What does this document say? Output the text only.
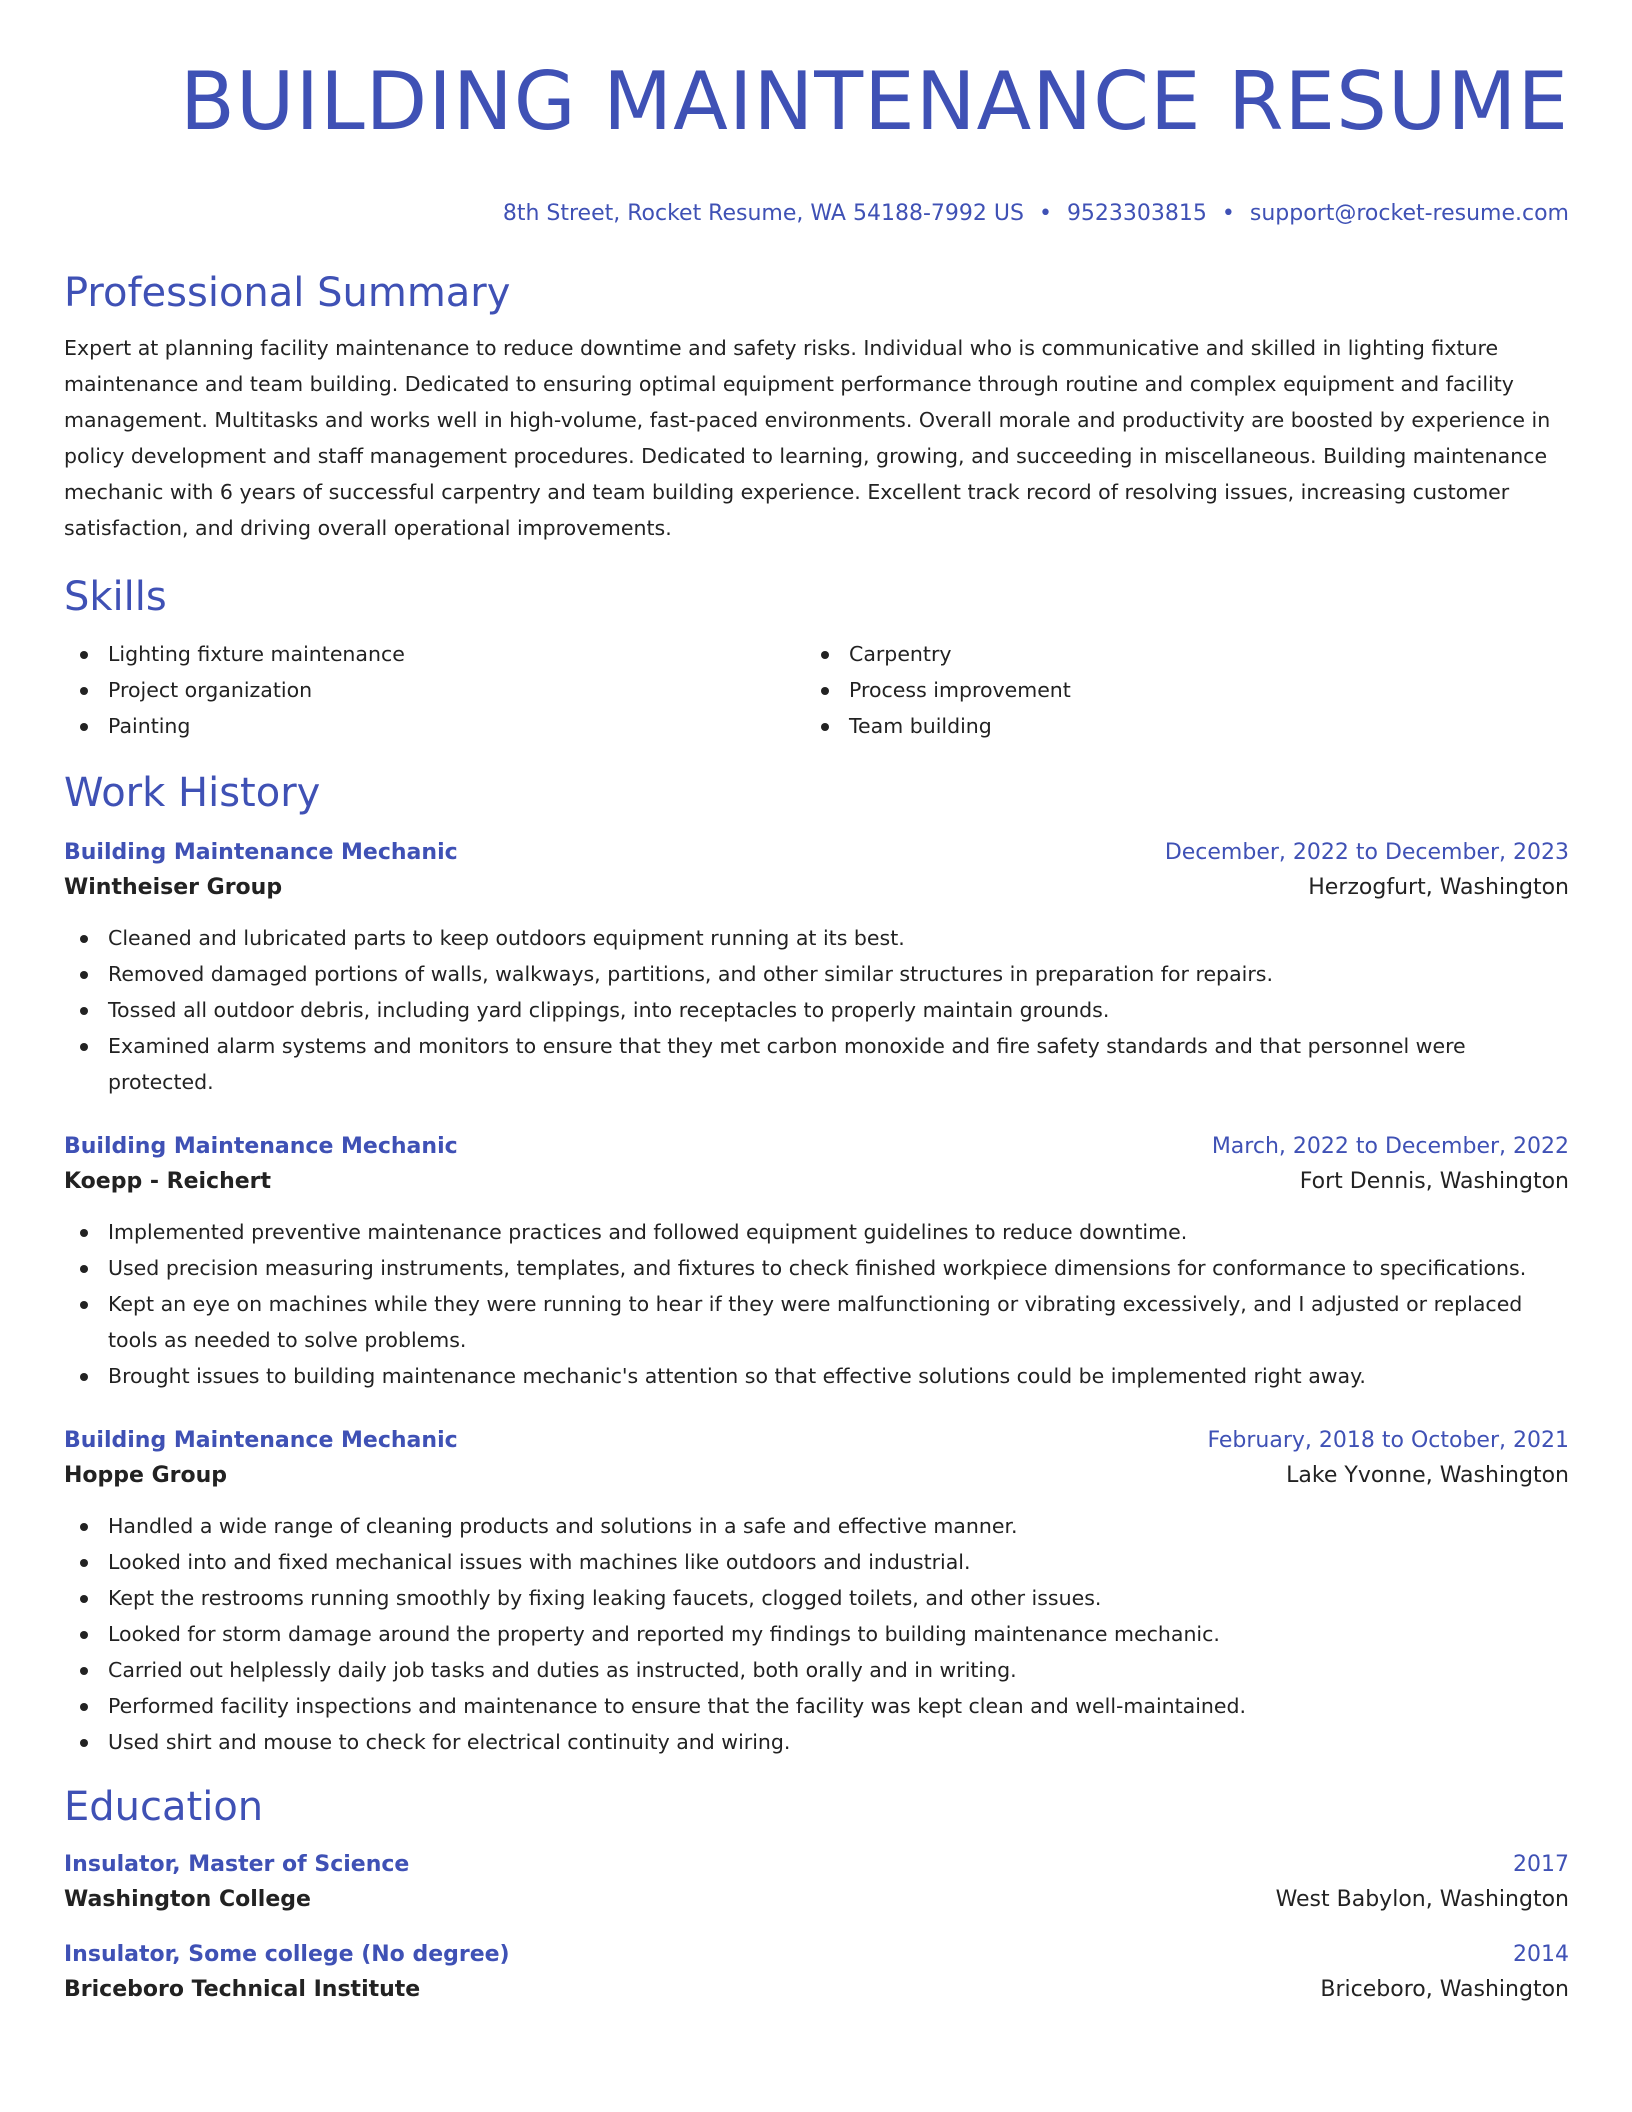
BUILDING MAINTENANCE RESUME
8th Street, Rocket Resume, WA 54188-7992 US • 9523303815 • support@rocket-resume.com
Professional Summary

Expert at planning facility maintenance to reduce downtime and safety risks. Individual who is communicative and skilled in lighting fixture maintenance and team building. Dedicated to ensuring optimal equipment performance through routine and complex equipment and facility management. Multitasks and works well in high-volume, fast-paced environments. Overall morale and productivity are boosted by experience in policy development and staff management procedures. Dedicated to learning, growing, and succeeding in miscellaneous. Building maintenance mechanic with 6 years of successful carpentry and team building experience. Excellent track record of resolving issues, increasing customer satisfaction, and driving overall operational improvements.

Skills
Lighting fixture maintenance
Project organization
Painting
Carpentry
Process improvement
Team building
Work History
Building Maintenance Mechanic	December, 2022 to December, 2023
Wintheiser Group	Herzogfurt, Washington
Cleaned and lubricated parts to keep outdoors equipment running at its best.
Removed damaged portions of walls, walkways, partitions, and other similar structures in preparation for repairs.
Tossed all outdoor debris, including yard clippings, into receptacles to properly maintain grounds.
Examined alarm systems and monitors to ensure that they met carbon monoxide and fire safety standards and that personnel were protected.
Building Maintenance Mechanic	March, 2022 to December, 2022
Koepp - Reichert	Fort Dennis, Washington
Implemented preventive maintenance practices and followed equipment guidelines to reduce downtime.
Used precision measuring instruments, templates, and fixtures to check finished workpiece dimensions for conformance to specifications.
Kept an eye on machines while they were running to hear if they were malfunctioning or vibrating excessively, and I adjusted or replaced tools as needed to solve problems.
Brought issues to building maintenance mechanic's attention so that effective solutions could be implemented right away.
Building Maintenance Mechanic	February, 2018 to October, 2021
Hoppe Group	Lake Yvonne, Washington
Handled a wide range of cleaning products and solutions in a safe and effective manner.
Looked into and fixed mechanical issues with machines like outdoors and industrial.
Kept the restrooms running smoothly by fixing leaking faucets, clogged toilets, and other issues.
Looked for storm damage around the property and reported my findings to building maintenance mechanic.
Carried out helplessly daily job tasks and duties as instructed, both orally and in writing.
Performed facility inspections and maintenance to ensure that the facility was kept clean and well-maintained.
Used shirt and mouse to check for electrical continuity and wiring.
Education
Insulator, Master of Science	2017
Washington College	West Babylon, Washington
Insulator, Some college (No degree)	2014
Briceboro Technical Institute	Briceboro, Washington
